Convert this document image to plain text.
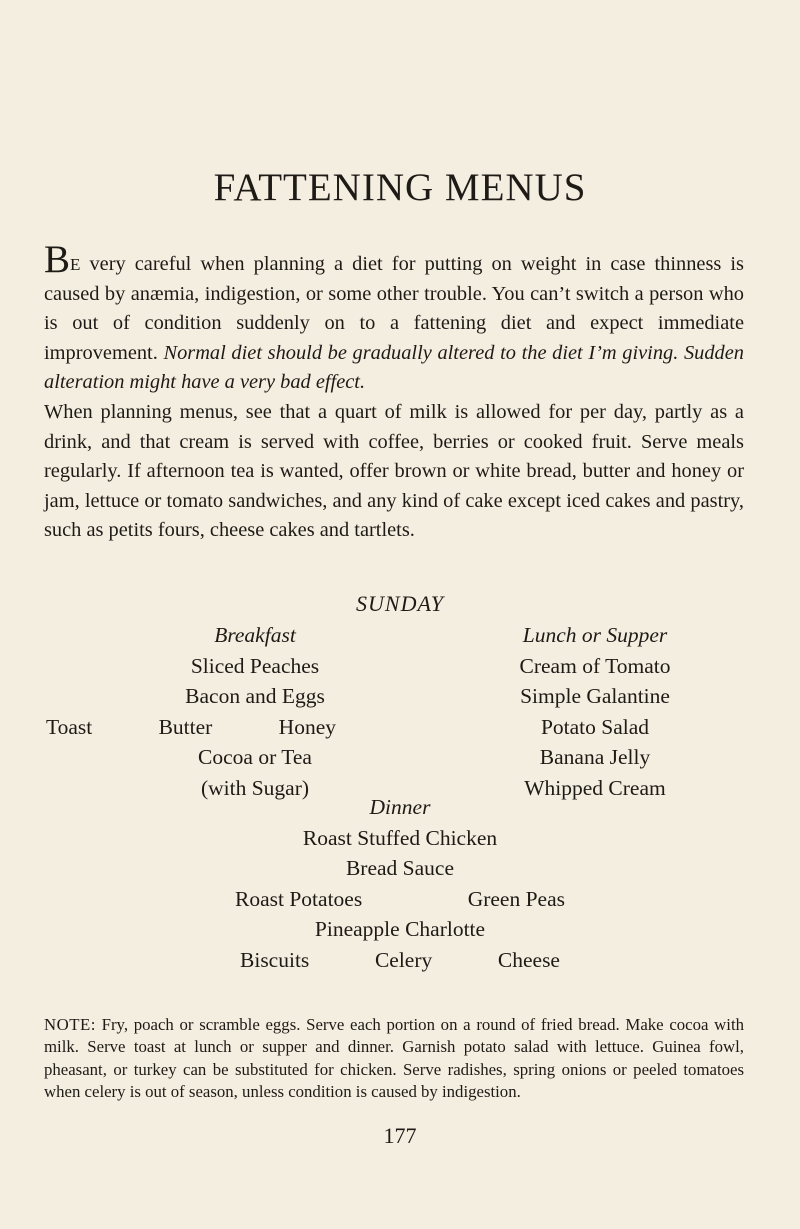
FATTENING MENUS

BE very careful when planning a diet for putting on weight in case thinness is caused by anæmia, indigestion, or some other trouble. You can’t switch a person who is out of condition suddenly on to a fattening diet and expect immediate improvement. Normal diet should be gradually altered to the diet I’m giving. Sudden alteration might have a very bad effect.

When planning menus, see that a quart of milk is allowed for per day, partly as a drink, and that cream is served with coffee, berries or cooked fruit. Serve meals regularly. If afternoon tea is wanted, offer brown or white bread, butter and honey or jam, lettuce or tomato sandwiches, and any kind of cake except iced cakes and pastry, such as petits fours, cheese cakes and tartlets.

SUNDAY
Breakfast
Sliced Peaches
Bacon and Eggs
Toast	Butter	Honey
Cocoa or Tea
(with Sugar)
Lunch or Supper
Cream of Tomato
Simple Galantine
Potato Salad
Banana Jelly
Whipped Cream
Dinner
Roast Stuffed Chicken
Bread Sauce
Roast Potatoes	Green Peas
Pineapple Charlotte
Biscuits	Celery	Cheese

NOTE: Fry, poach or scramble eggs. Serve each portion on a round of fried bread. Make cocoa with milk. Serve toast at lunch or supper and dinner. Garnish potato salad with lettuce. Guinea fowl, pheasant, or turkey can be substituted for chicken. Serve radishes, spring onions or peeled tomatoes when celery is out of season, unless condition is caused by indigestion.

177
